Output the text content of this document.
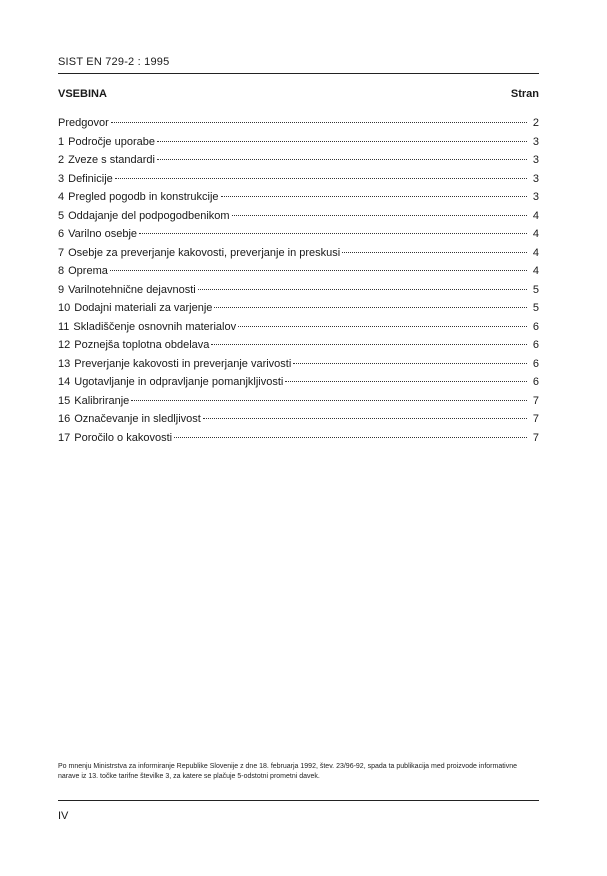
SIST EN 729-2 : 1995
VSEBINA	Stran
Predgovor	2
1 Področje uporabe	3
2 Zveze s standardi	3
3 Definicije	3
4 Pregled pogodb in konstrukcije	3
5 Oddajanje del podpogodbenikom	4
6 Varilno osebje	4
7 Osebje za preverjanje kakovosti, preverjanje in preskusi	4
8 Oprema	4
9 Varilnotehnične dejavnosti	5
10 Dodajni materiali za varjenje	5
11 Skladiščenje osnovnih materialov	6
12 Poznejša toplotna obdelava	6
13 Preverjanje kakovosti in preverjanje varivosti	6
14 Ugotavljanje in odpravljanje pomanjkljivosti	6
15 Kalibriranje	7
16 Označevanje in sledljivost	7
17 Poročilo o kakovosti	7
Po mnenju Ministrstva za informiranje Republike Slovenije z dne 18. februarja 1992, štev. 23/96-92, spada ta publikacija med proizvode informativne narave iz 13. točke tarifne številke 3, za katere se plačuje 5-odstotni prometni davek.
IV
